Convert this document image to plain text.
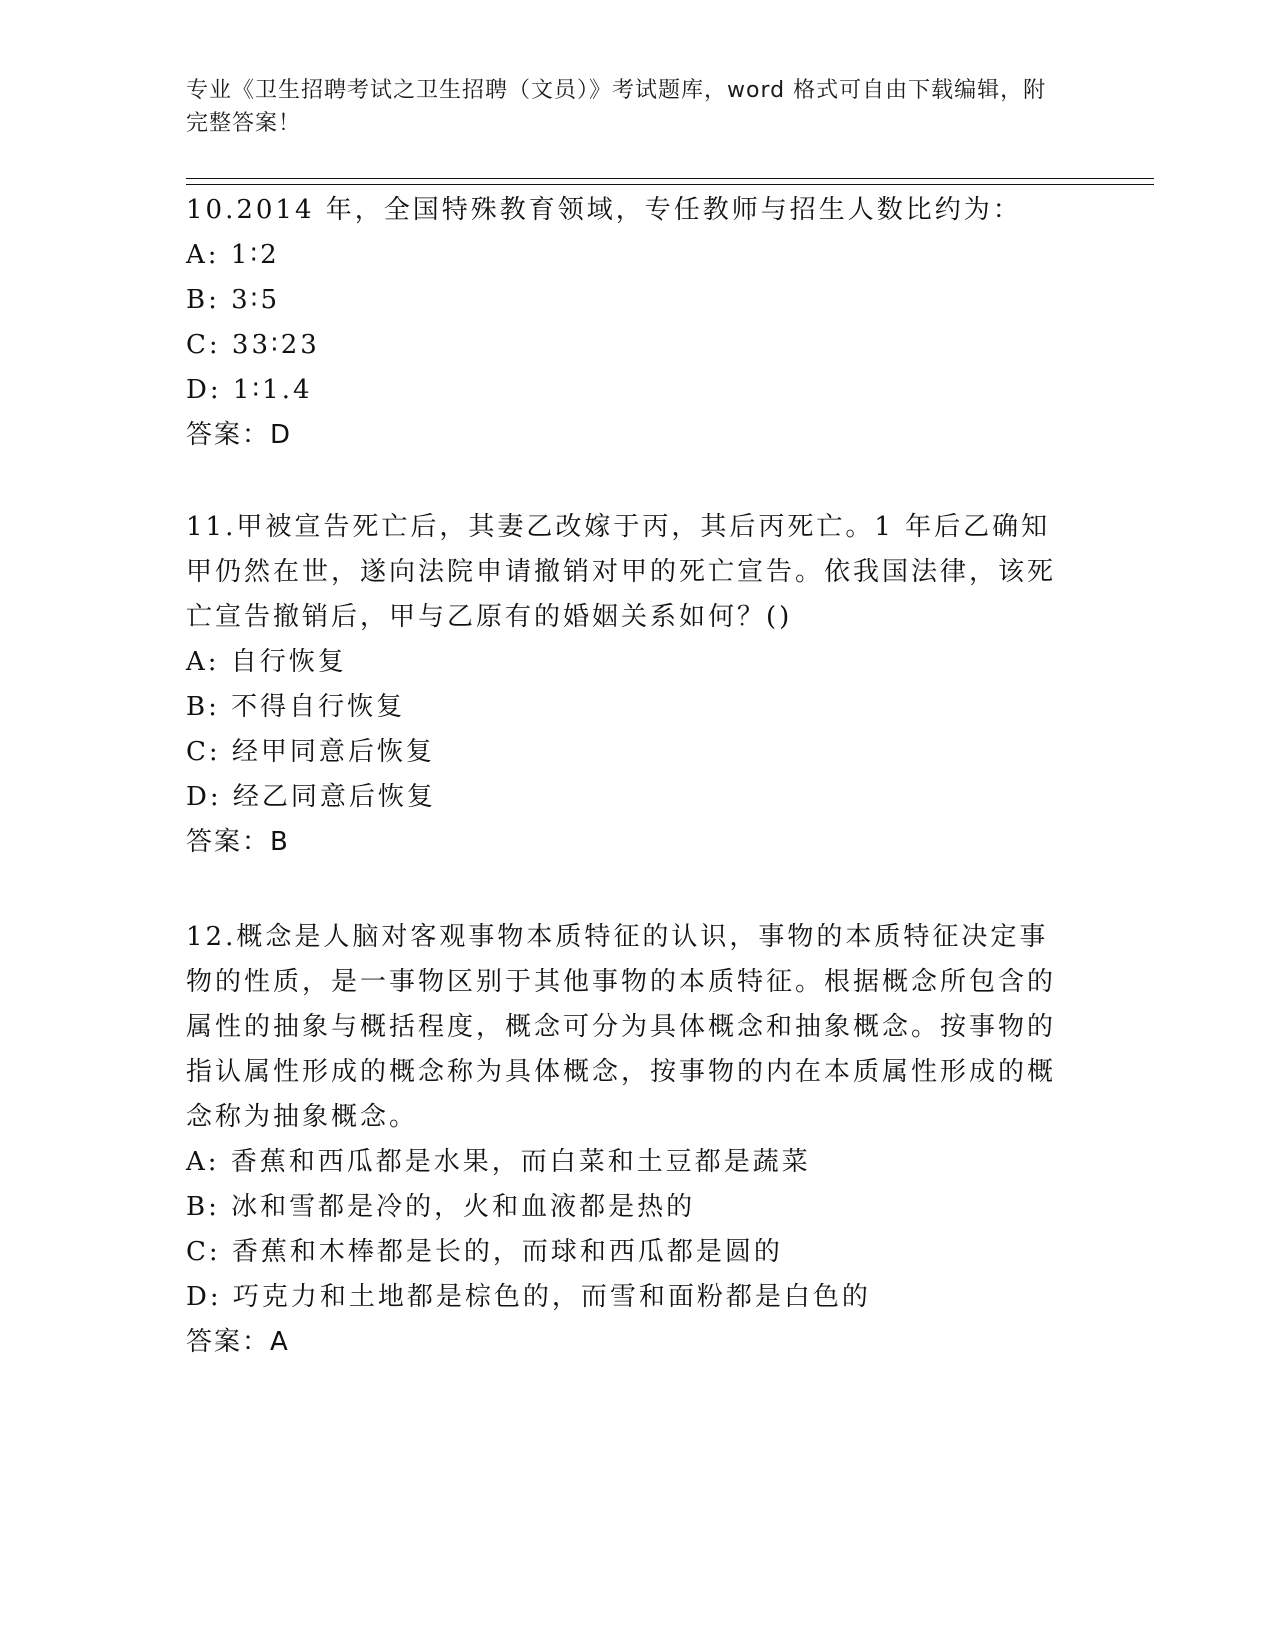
专业《卫生招聘考试之卫生招聘（文员）》考试题库，word 格式可自由下载编辑，附完整答案！

10.2014 年，全国特殊教育领域，专任教师与招生人数比约为：

A: 1∶2

B: 3∶5

C: 33∶23

D: 1∶1.4

答案：D

11.甲被宣告死亡后，其妻乙改嫁于丙，其后丙死亡。1 年后乙确知甲仍然在世，遂向法院申请撤销对甲的死亡宣告。依我国法律，该死亡宣告撤销后，甲与乙原有的婚姻关系如何？()

A: 自行恢复

B: 不得自行恢复

C: 经甲同意后恢复

D: 经乙同意后恢复

答案：B

12.概念是人脑对客观事物本质特征的认识，事物的本质特征决定事物的性质，是一事物区别于其他事物的本质特征。根据概念所包含的属性的抽象与概括程度，概念可分为具体概念和抽象概念。按事物的指认属性形成的概念称为具体概念，按事物的内在本质属性形成的概念称为抽象概念。

A: 香蕉和西瓜都是水果，而白菜和土豆都是蔬菜

B: 冰和雪都是冷的，火和血液都是热的

C: 香蕉和木棒都是长的，而球和西瓜都是圆的

D: 巧克力和土地都是棕色的，而雪和面粉都是白色的

答案：A
